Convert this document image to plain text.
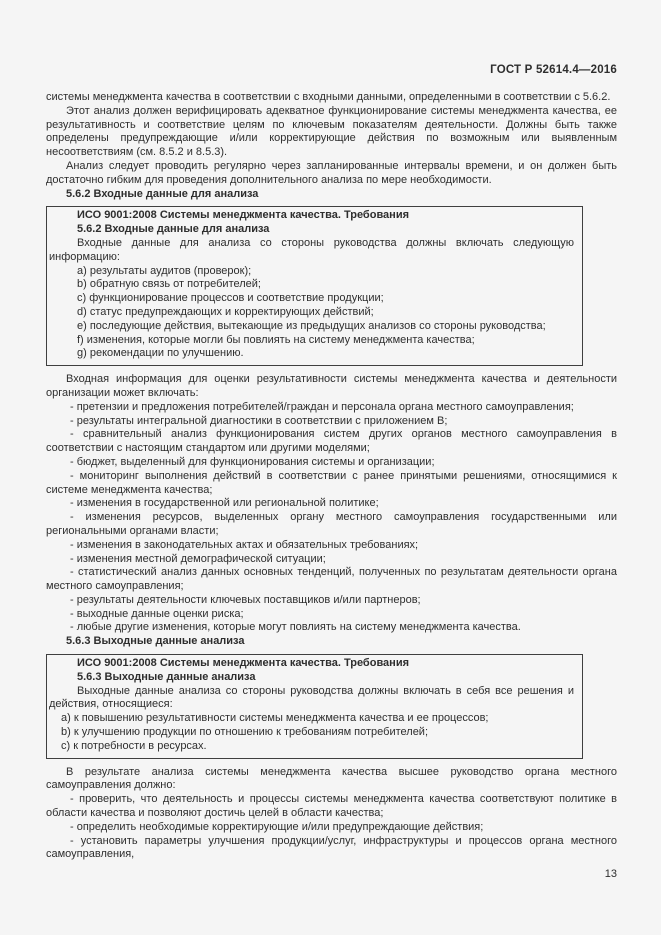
ГОСТ Р 52614.4—2016

системы менеджмента качества в соответствии с входными данными, определенными в соответствии с 5.6.2.

Этот анализ должен верифицировать адекватное функционирование системы менеджмента качества, ее результативность и соответствие целям по ключевым показателям деятельности. Должны быть также определены предупреждающие и/или корректирующие действия по возможным или выявленным несоответствиям (см. 8.5.2 и 8.5.3).

Анализ следует проводить регулярно через запланированные интервалы времени, и он должен быть достаточно гибким для проведения дополнительного анализа по мере необходимости.

5.6.2 Входные данные для анализа

ИСО 9001:2008 Системы менеджмента качества. Требования

5.6.2 Входные данные для анализа

Входные данные для анализа со стороны руководства должны включать следующую информацию:

a) результаты аудитов (проверок);

b) обратную связь от потребителей;

c) функционирование процессов и соответствие продукции;

d) статус предупреждающих и корректирующих действий;

e) последующие действия, вытекающие из предыдущих анализов со стороны руководства;

f) изменения, которые могли бы повлиять на систему менеджмента качества;

g) рекомендации по улучшению.

Входная информация для оценки результативности системы менеджмента качества и деятельности организации может включать:

- претензии и предложения потребителей/граждан и персонала органа местного самоуправления;

- результаты интегральной диагностики в соответствии с приложением В;

- сравнительный анализ функционирования систем других органов местного самоуправления в соответствии с настоящим стандартом или другими моделями;

- бюджет, выделенный для функционирования системы и организации;

- мониторинг выполнения действий в соответствии с ранее принятыми решениями, относящимися к системе менеджмента качества;

- изменения в государственной или региональной политике;

- изменения ресурсов, выделенных органу местного самоуправления государственными или региональными органами власти;

- изменения в законодательных актах и обязательных требованиях;

- изменения местной демографической ситуации;

- статистический анализ данных основных тенденций, полученных по результатам деятельности органа местного самоуправления;

- результаты деятельности ключевых поставщиков и/или партнеров;

- выходные данные оценки риска;

- любые другие изменения, которые могут повлиять на систему менеджмента качества.

5.6.3 Выходные данные анализа

ИСО 9001:2008 Системы менеджмента качества. Требования

5.6.3 Выходные данные анализа

Выходные данные анализа со стороны руководства должны включать в себя все решения и действия, относящиеся:

a) к повышению результативности системы менеджмента качества и ее процессов;

b) к улучшению продукции по отношению к требованиям потребителей;

c) к потребности в ресурсах.

В результате анализа системы менеджмента качества высшее руководство органа местного самоуправления должно:

- проверить, что деятельность и процессы системы менеджмента качества соответствуют политике в области качества и позволяют достичь целей в области качества;

- определить необходимые корректирующие и/или предупреждающие действия;

- установить параметры улучшения продукции/услуг, инфраструктуры и процессов органа местного самоуправления,

13
